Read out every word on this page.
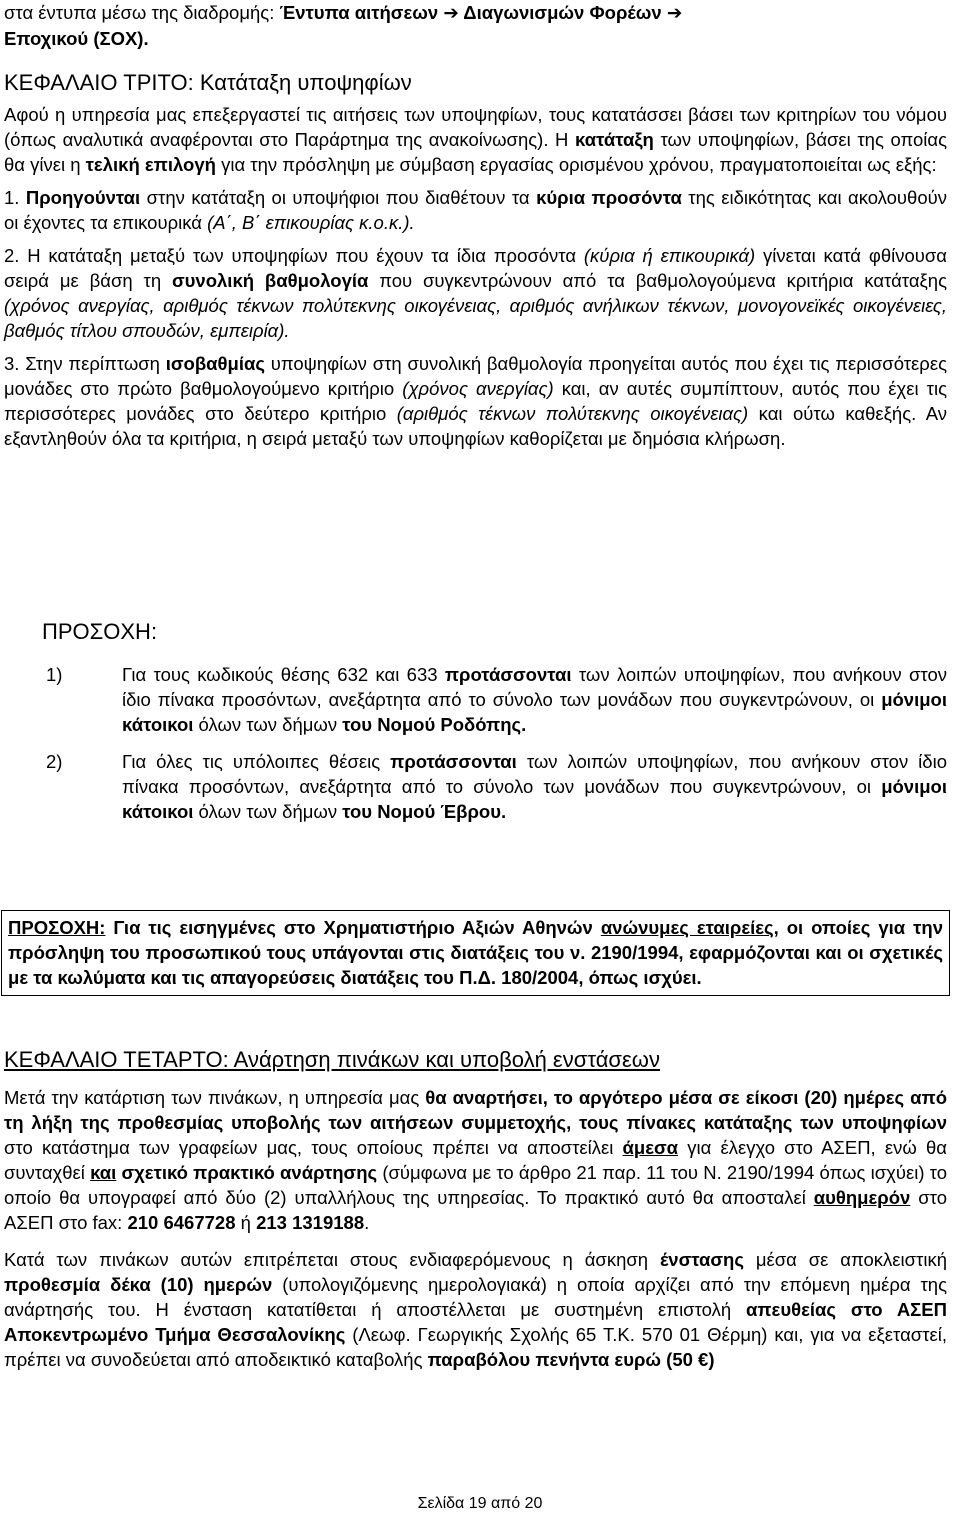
στα έντυπα μέσω της διαδρομής: Έντυπα αιτήσεων ➔ Διαγωνισμών Φορέων ➔
Εποχικού (ΣΟΧ).

ΚΕΦΑΛΑΙΟ ΤΡΙΤΟ: Κατάταξη υποψηφίων

Αφού η υπηρεσία μας επεξεργαστεί τις αιτήσεις των υποψηφίων, τους κατατάσσει βάσει των κριτηρίων του νόμου (όπως αναλυτικά αναφέρονται στο Παράρτημα της ανακοίνωσης). Η κατάταξη των υποψηφίων, βάσει της οποίας θα γίνει η τελική επιλογή για την πρόσληψη με σύμβαση εργασίας ορισμένου χρόνου, πραγματοποιείται ως εξής:

1. Προηγούνται στην κατάταξη οι υποψήφιοι που διαθέτουν τα κύρια προσόντα της ειδικότητας και ακολουθούν οι έχοντες τα επικουρικά (Α΄, Β΄ επικουρίας κ.ο.κ.).

2. Η κατάταξη μεταξύ των υποψηφίων που έχουν τα ίδια προσόντα (κύρια ή επικουρικά) γίνεται κατά φθίνουσα σειρά με βάση τη συνολική βαθμολογία που συγκεντρώνουν από τα βαθμολογούμενα κριτήρια κατάταξης (χρόνος ανεργίας, αριθμός τέκνων πολύτεκνης οικογένειας, αριθμός ανήλικων τέκνων, μονογονεϊκές οικογένειες, βαθμός τίτλου σπουδών, εμπειρία).

3. Στην περίπτωση ισοβαθμίας υποψηφίων στη συνολική βαθμολογία προηγείται αυτός που έχει τις περισσότερες μονάδες στο πρώτο βαθμολογούμενο κριτήριο (χρόνος ανεργίας) και, αν αυτές συμπίπτουν, αυτός που έχει τις περισσότερες μονάδες στο δεύτερο κριτήριο (αριθμός τέκνων πολύτεκνης οικογένειας) και ούτω καθεξής. Αν εξαντληθούν όλα τα κριτήρια, η σειρά μεταξύ των υποψηφίων καθορίζεται με δημόσια κλήρωση.

ΠΡΟΣΟΧΗ:
1)	Για τους κωδικούς θέσης 632 και 633 προτάσσονται των λοιπών υποψηφίων, που ανήκουν στον ίδιο πίνακα προσόντων, ανεξάρτητα από το σύνολο των μονάδων που συγκεντρώνουν, οι μόνιμοι κάτοικοι όλων των δήμων του Νομού Ροδόπης.
2)	Για όλες τις υπόλοιπες θέσεις προτάσσονται των λοιπών υποψηφίων, που ανήκουν στον ίδιο πίνακα προσόντων, ανεξάρτητα από το σύνολο των μονάδων που συγκεντρώνουν, οι μόνιμοι κάτοικοι όλων των δήμων του Νομού Έβρου.

ΠΡΟΣΟΧΗ: Για τις εισηγμένες στο Χρηματιστήριο Αξιών Αθηνών ανώνυμες εταιρείες, οι οποίες για την πρόσληψη του προσωπικού τους υπάγονται στις διατάξεις του ν. 2190/1994, εφαρμόζονται και οι σχετικές με τα κωλύματα και τις απαγορεύσεις διατάξεις του Π.Δ. 180/2004, όπως ισχύει.

ΚΕΦΑΛΑΙΟ ΤΕΤΑΡΤΟ: Ανάρτηση πινάκων και υποβολή ενστάσεων

Μετά την κατάρτιση των πινάκων, η υπηρεσία μας θα αναρτήσει, το αργότερο μέσα σε είκοσι (20) ημέρες από τη λήξη της προθεσμίας υποβολής των αιτήσεων συμμετοχής, τους πίνακες κατάταξης των υποψηφίων στο κατάστημα των γραφείων μας, τους οποίους πρέπει να αποστείλει άμεσα για έλεγχο στο ΑΣΕΠ, ενώ θα συνταχθεί και σχετικό πρακτικό ανάρτησης (σύμφωνα με το άρθρο 21 παρ. 11 του Ν. 2190/1994 όπως ισχύει) το οποίο θα υπογραφεί από δύο (2) υπαλλήλους της υπηρεσίας. Το πρακτικό αυτό θα αποσταλεί αυθημερόν στο ΑΣΕΠ στο fax: 210 6467728 ή 213 1319188.

Κατά των πινάκων αυτών επιτρέπεται στους ενδιαφερόμενους η άσκηση ένστασης μέσα σε αποκλειστική προθεσμία δέκα (10) ημερών (υπολογιζόμενης ημερολογιακά) η οποία αρχίζει από την επόμενη ημέρα της ανάρτησής του. Η ένσταση κατατίθεται ή αποστέλλεται με συστημένη επιστολή απευθείας στο ΑΣΕΠ Αποκεντρωμένο Τμήμα Θεσσαλονίκης (Λεωφ. Γεωργικής Σχολής 65 Τ.Κ. 570 01 Θέρμη) και, για να εξεταστεί, πρέπει να συνοδεύεται από αποδεικτικό καταβολής παραβόλου πενήντα ευρώ (50 €)

Σελίδα 19 από 20
